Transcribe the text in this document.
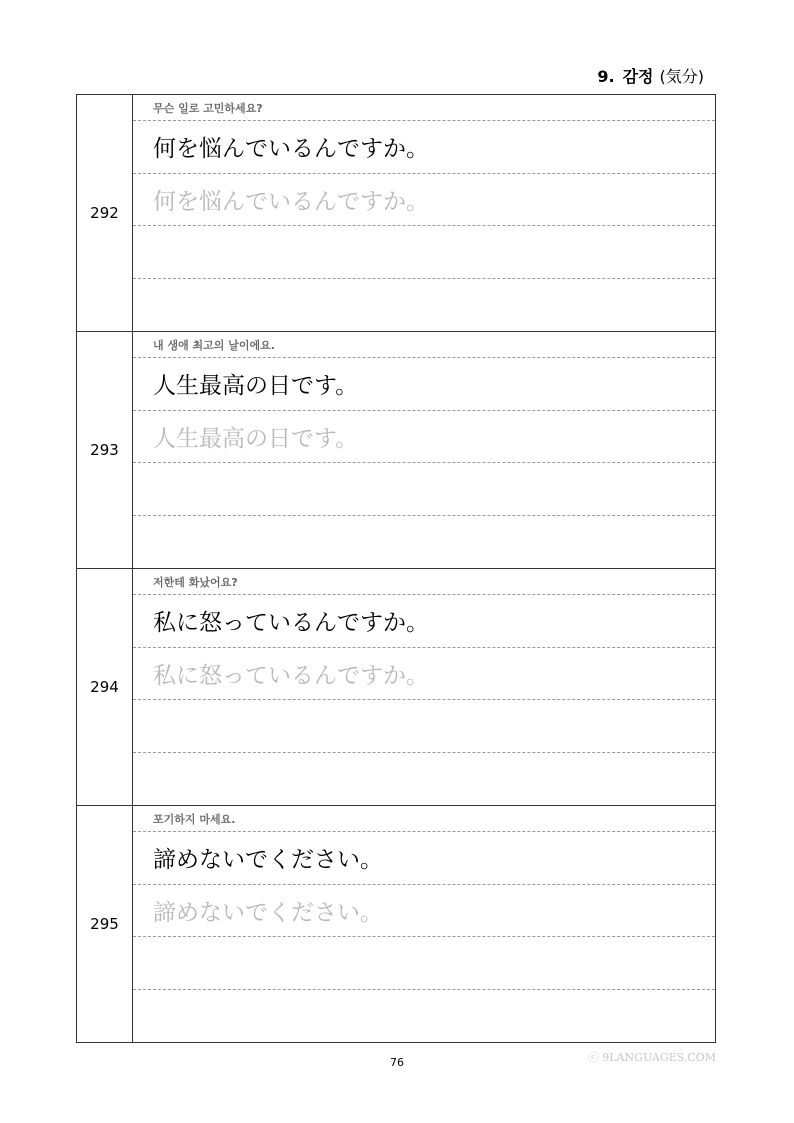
9. 감정 (気分)
292
무슨 일로 고민하세요?
何を悩んでいるんですか。
何を悩んでいるんですか。
293
내 생애 최고의 날이에요.
人生最高の日です。
人生最高の日です。
294
저한테 화났어요?
私に怒っているんですか。
私に怒っているんですか。
295
포기하지 마세요.
諦めないでください。
諦めないでください。
76	ⓒ 9LANGUAGES.COM
